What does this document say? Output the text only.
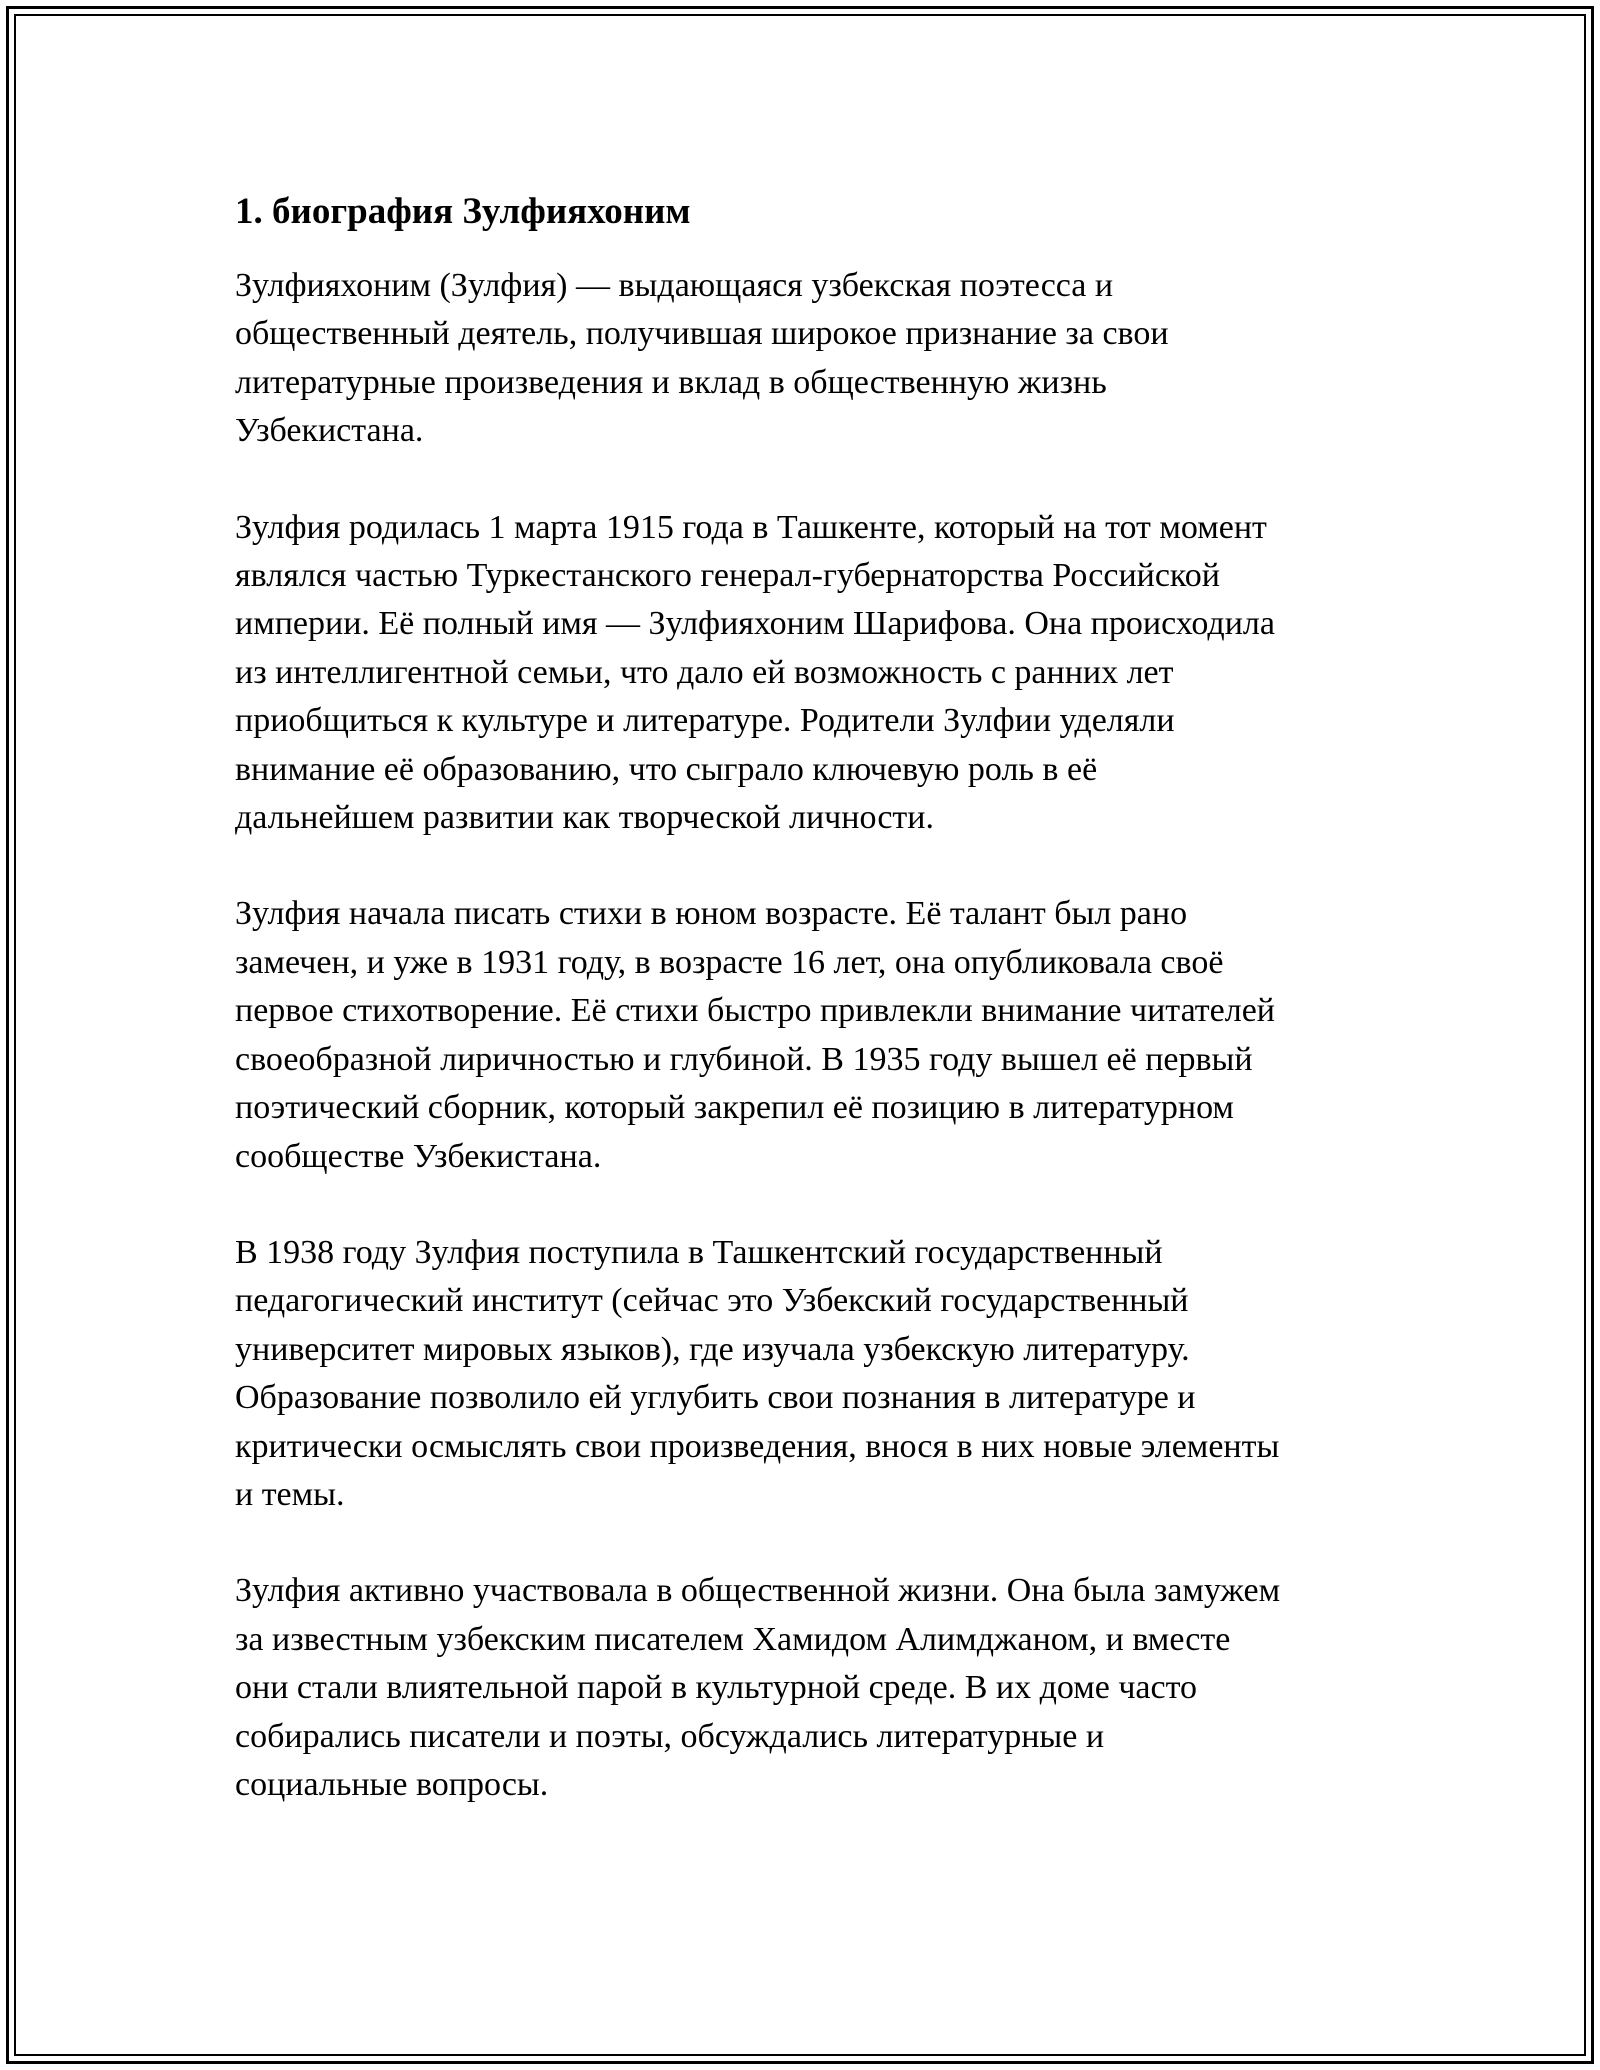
1. биография Зулфияхоним

Зулфияхоним (Зулфия) — выдающаяся узбекская поэтесса и
общественный деятель, получившая широкое признание за свои
литературные произведения и вклад в общественную жизнь
Узбекистана.

Зулфия родилась 1 марта 1915 года в Ташкенте, который на тот момент
являлся частью Туркестанского генерал-губернаторства Российской
империи. Её полный имя — Зулфияхоним Шарифова. Она происходила
из интеллигентной семьи, что дало ей возможность с ранних лет
приобщиться к культуре и литературе. Родители Зулфии уделяли
внимание её образованию, что сыграло ключевую роль в её
дальнейшем развитии как творческой личности.

Зулфия начала писать стихи в юном возрасте. Её талант был рано
замечен, и уже в 1931 году, в возрасте 16 лет, она опубликовала своё
первое стихотворение. Её стихи быстро привлекли внимание читателей
своеобразной лиричностью и глубиной. В 1935 году вышел её первый
поэтический сборник, который закрепил её позицию в литературном
сообществе Узбекистана.

В 1938 году Зулфия поступила в Ташкентский государственный
педагогический институт (сейчас это Узбекский государственный
университет мировых языков), где изучала узбекскую литературу.
Образование позволило ей углубить свои познания в литературе и
критически осмыслять свои произведения, внося в них новые элементы
и темы.

Зулфия активно участвовала в общественной жизни. Она была замужем
за известным узбекским писателем Хамидом Алимджаном, и вместе
они стали влиятельной парой в культурной среде. В их доме часто
собирались писатели и поэты, обсуждались литературные и
социальные вопросы.
